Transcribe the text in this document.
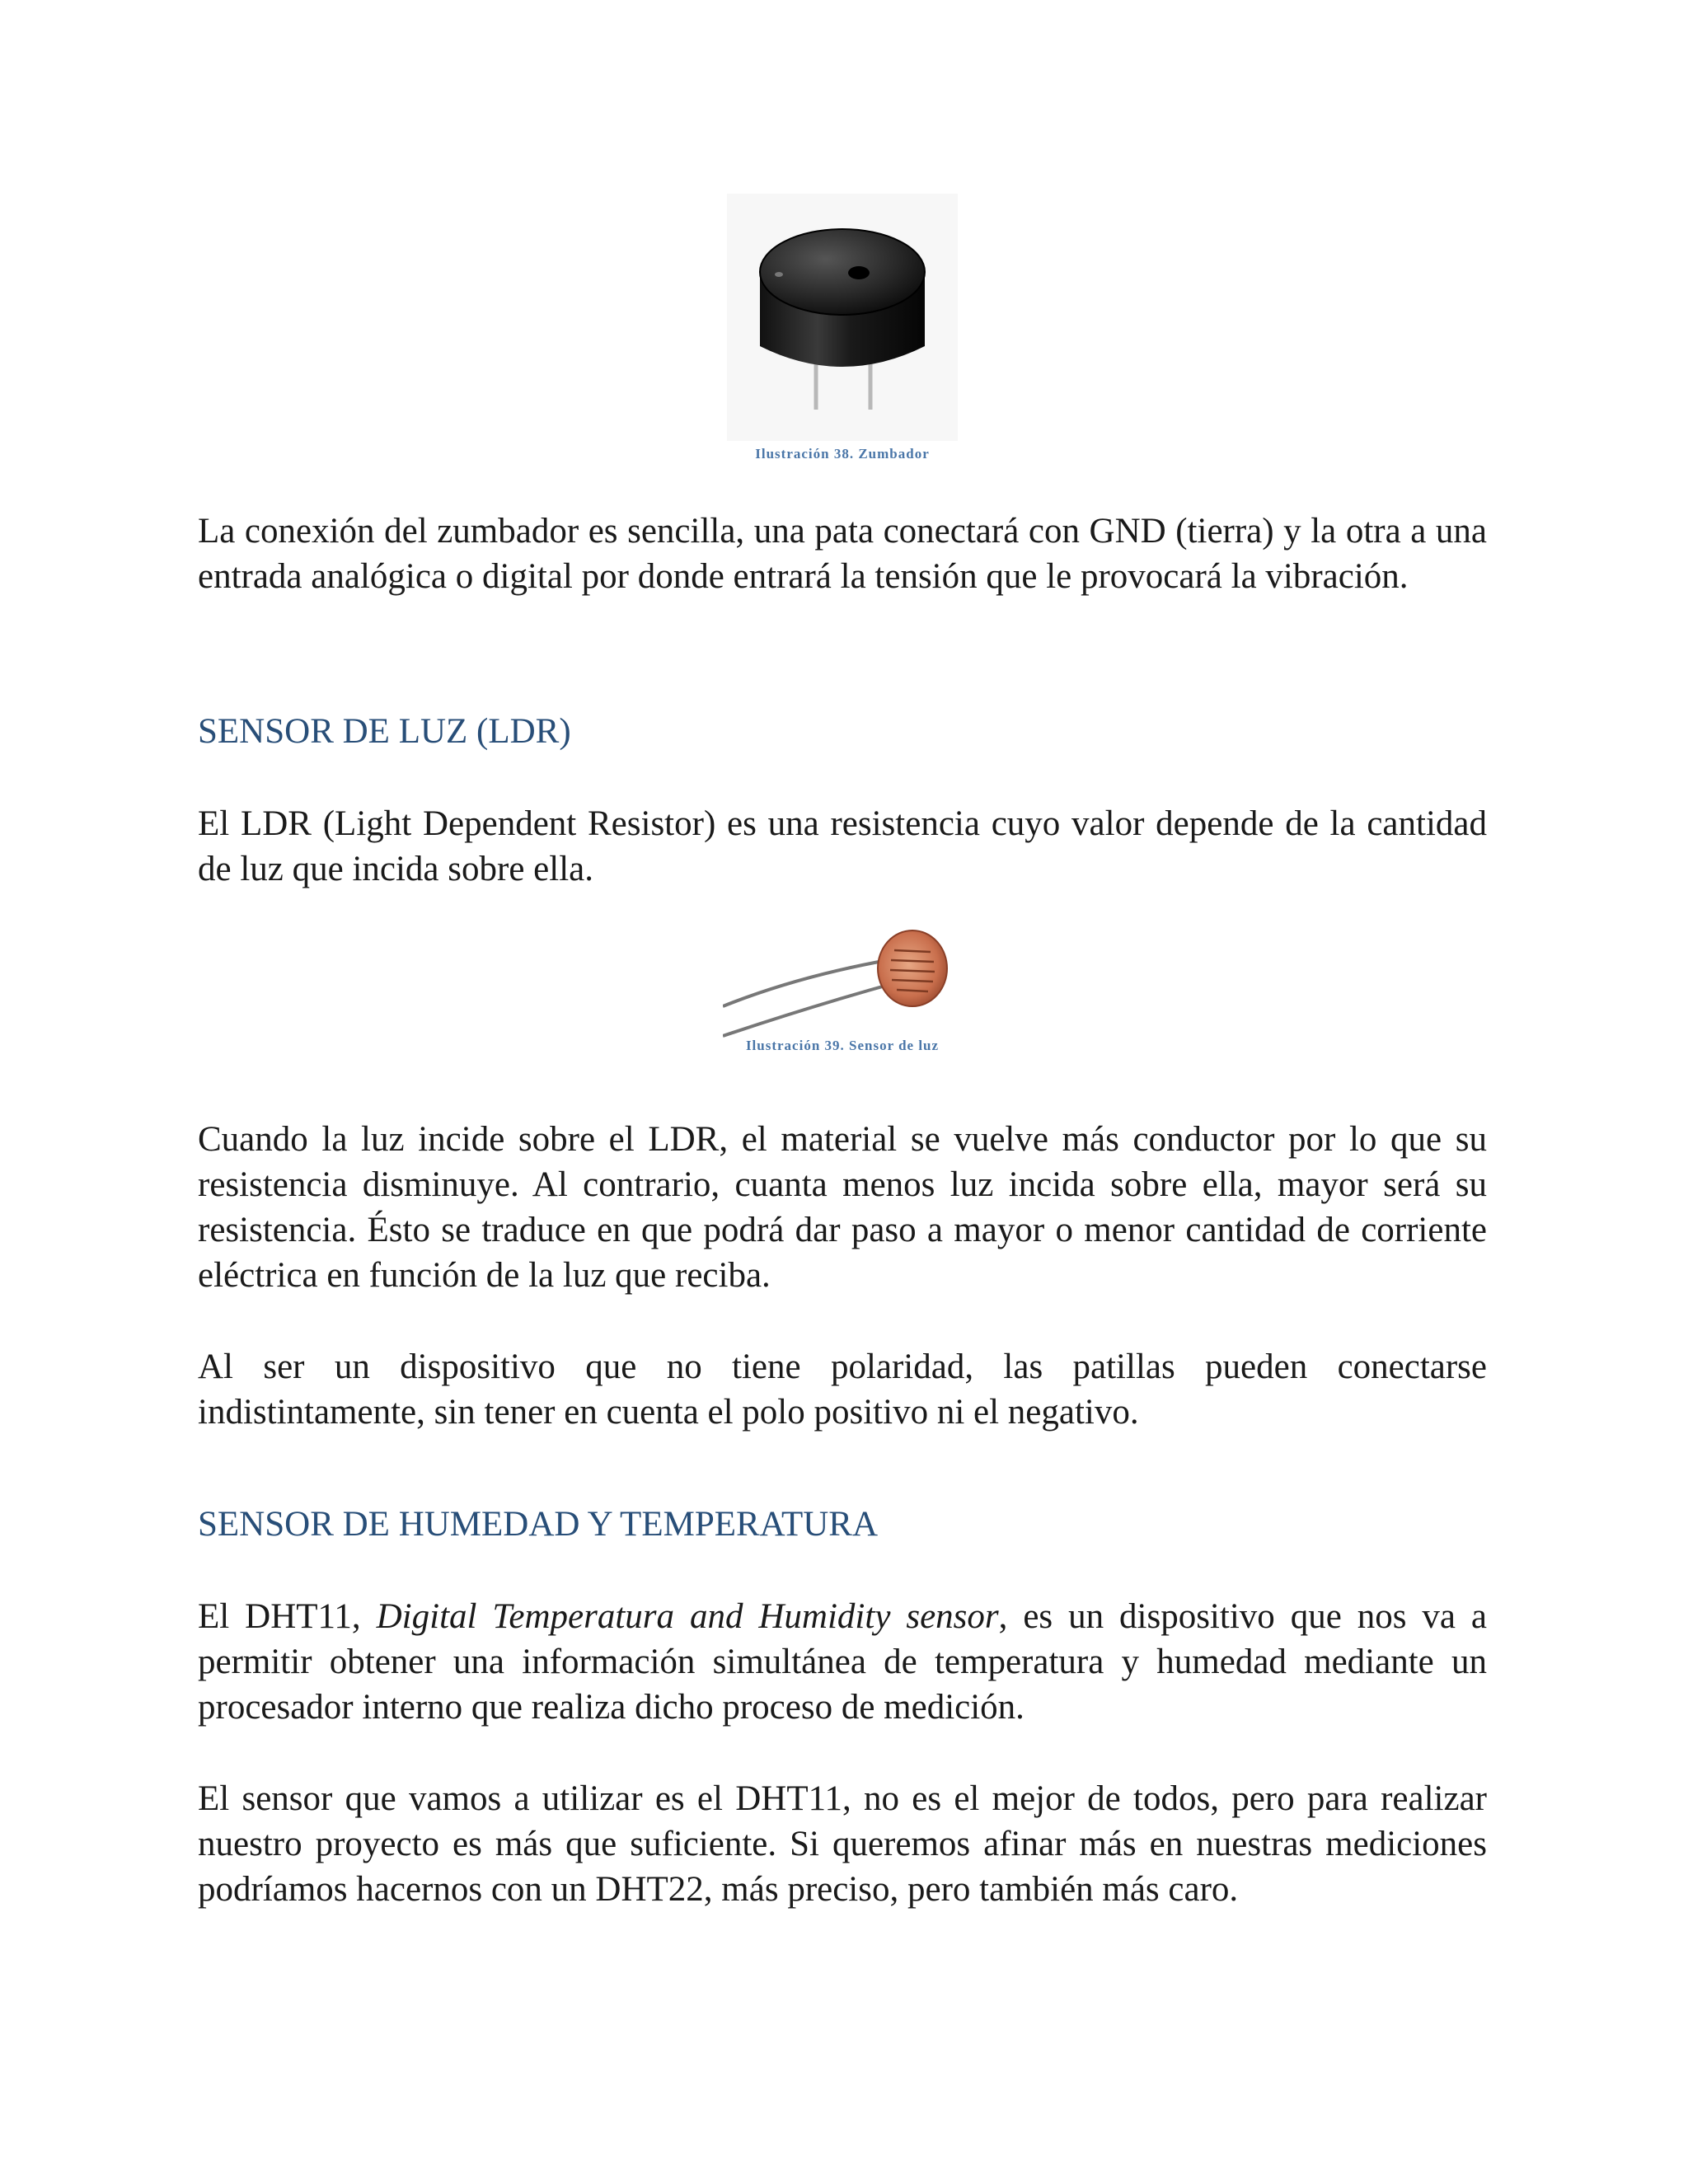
Ilustración 38. Zumbador

La conexión del zumbador es sencilla, una pata conectará con GND (tierra) y la otra a una entrada analógica o digital por donde entrará la tensión que le provocará la vibración.

SENSOR DE LUZ (LDR)

El LDR (Light Dependent Resistor) es una resistencia cuyo valor depende de la cantidad de luz que incida sobre ella.

Ilustración 39. Sensor de luz

Cuando la luz incide sobre el LDR, el material se vuelve más conductor por lo que su resistencia disminuye. Al contrario, cuanta menos luz incida sobre ella, mayor será su resistencia. Ésto se traduce en que podrá dar paso a mayor o menor cantidad de corriente eléctrica en función de la luz que reciba.

Al ser un dispositivo que no tiene polaridad, las patillas pueden conectarse indistintamente, sin tener en cuenta el polo positivo ni el negativo.

SENSOR DE HUMEDAD Y TEMPERATURA

El DHT11, Digital Temperatura and Humidity sensor, es un dispositivo que nos va a permitir obtener una información simultánea de temperatura y humedad mediante un procesador interno que realiza dicho proceso de medición.

El sensor que vamos a utilizar es el DHT11, no es el mejor de todos, pero para realizar nuestro proyecto es más que suficiente. Si queremos afinar más en nuestras mediciones podríamos hacernos con un DHT22, más preciso, pero también más caro.
